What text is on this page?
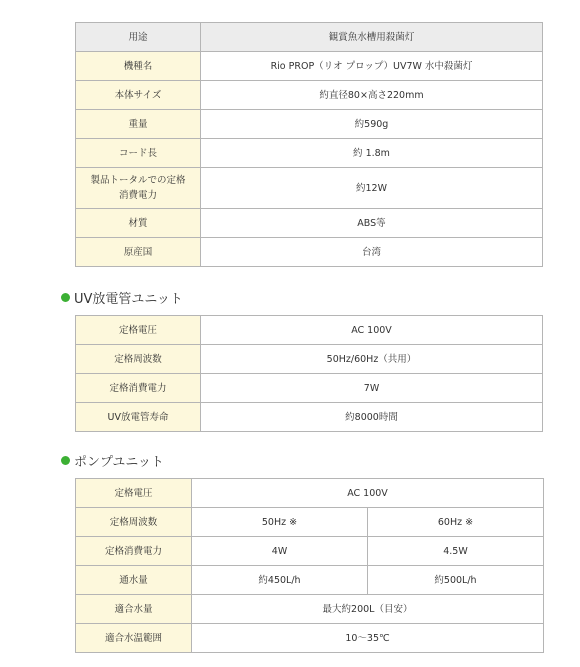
用途	観賞魚水槽用殺菌灯
機種名	Rio PROP（リオ プロップ）UV7W 水中殺菌灯
本体サイズ	約直径80×高さ220mm
重量	約590g
コード長	約 1.8m

製品トータルでの定格
消費電力	約12W
材質	ABS等
原産国	台湾
UV放電管ユニット
定格電圧	AC 100V
定格周波数	50Hz/60Hz（共用）
定格消費電力	7W
UV放電管寿命	約8000時間
ポンプユニット
定格電圧	AC 100V	
定格周波数	50Hz ※	60Hz ※
定格消費電力	4W	4.5W
通水量	約450L/h	約500L/h
適合水量	最大約200L（目安）	
適合水温範囲	10～35℃	
